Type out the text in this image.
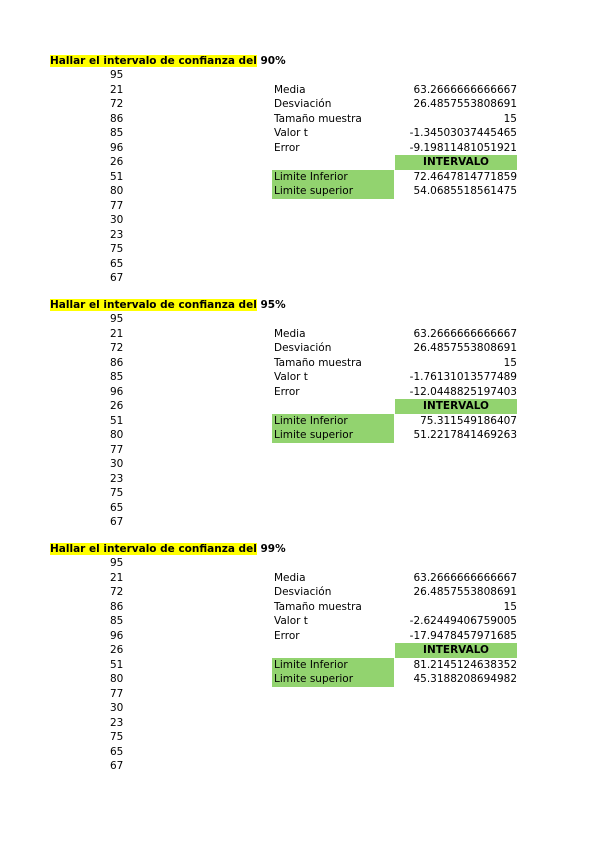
Hallar el intervalo de confianza del 90%
95
21
72
86
85
96
26
51
80
77
30
23
75
65
67
Media	63.2666666666667
Desviación	26.4857553808691
Tamaño muestra	15
Valor t	-1.34503037445465
Error	-9.19811481051921
INTERVALO
Limite Inferior	72.4647814771859
Limite superior	54.0685518561475
Hallar el intervalo de confianza del 95%
95
21
72
86
85
96
26
51
80
77
30
23
75
65
67
Media	63.2666666666667
Desviación	26.4857553808691
Tamaño muestra	15
Valor t	-1.76131013577489
Error	-12.0448825197403
INTERVALO
Limite Inferior	75.311549186407
Limite superior	51.2217841469263
Hallar el intervalo de confianza del 99%
95
21
72
86
85
96
26
51
80
77
30
23
75
65
67
Media	63.2666666666667
Desviación	26.4857553808691
Tamaño muestra	15
Valor t	-2.62449406759005
Error	-17.9478457971685
INTERVALO
Limite Inferior	81.2145124638352
Limite superior	45.3188208694982
